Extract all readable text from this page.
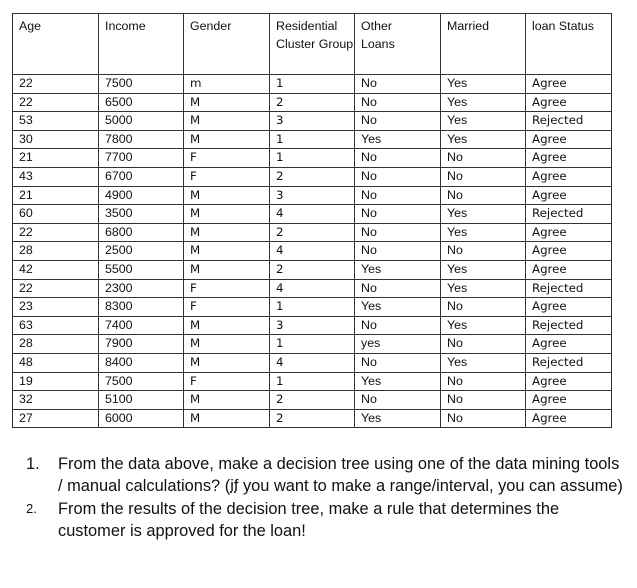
Age	Income	Gender	Residential Cluster Group	Other Loans	Married	loan Status
22	7500	m	1	No	Yes	Agree
22	6500	M	2	No	Yes	Agree
53	5000	M	3	No	Yes	Rejected
30	7800	M	1	Yes	Yes	Agree
21	7700	F	1	No	No	Agree
43	6700	F	2	No	No	Agree
21	4900	M	3	No	No	Agree
60	3500	M	4	No	Yes	Rejected
22	6800	M	2	No	Yes	Agree
28	2500	M	4	No	No	Agree
42	5500	M	2	Yes	Yes	Agree
22	2300	F	4	No	Yes	Rejected
23	8300	F	1	Yes	No	Agree
63	7400	M	3	No	Yes	Rejected
28	7900	M	1	yes	No	Agree
48	8400	M	4	No	Yes	Rejected
19	7500	F	1	Yes	No	Agree
32	5100	M	2	No	No	Agree
27	6000	M	2	Yes	No	Agree
1. From the data above, make a decision tree using one of the data mining tools / manual calculations? (if you want to make a range/interval, you can assume)
2. From the results of the decision tree, make a rule that determines the customer is approved for the loan!
